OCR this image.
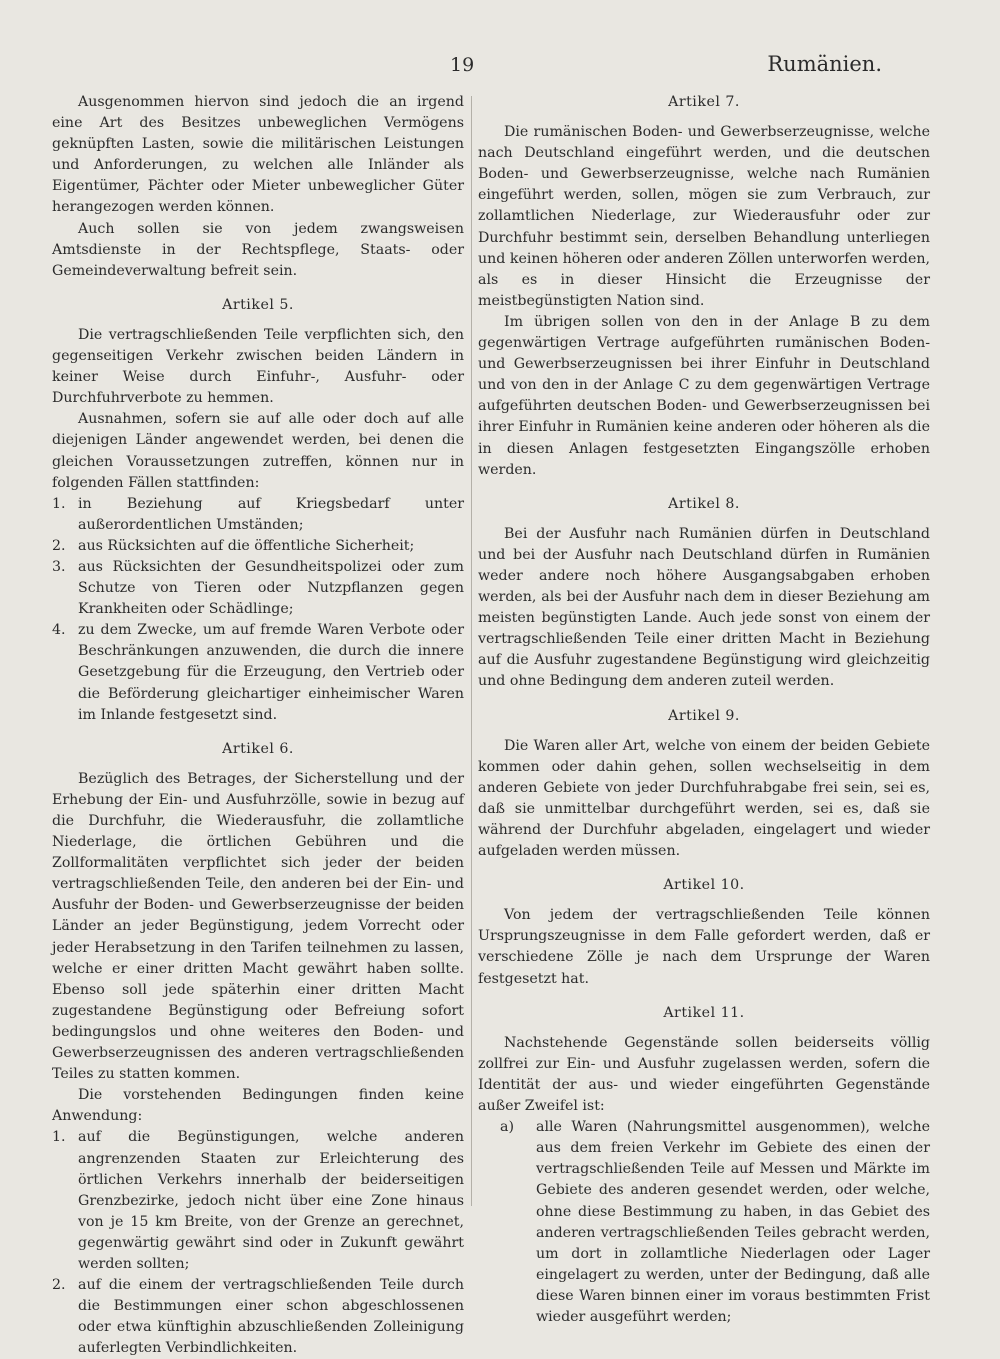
19	Rumänien.

Ausgenommen hiervon sind jedoch die an irgend eine Art des Besitzes unbeweglichen Vermögens geknüpften Lasten, sowie die militärischen Leistungen und Anforderungen, zu welchen alle Inländer als Eigentümer, Pächter oder Mieter unbeweglicher Güter herangezogen werden können.

Auch sollen sie von jedem zwangsweisen Amtsdienste in der Rechtspflege, Staats- oder Gemeindeverwaltung befreit sein.

Artikel 5.

Die vertragschließenden Teile verpflichten sich, den gegenseitigen Verkehr zwischen beiden Ländern in keiner Weise durch Einfuhr-, Ausfuhr- oder Durchfuhrverbote zu hemmen.

Ausnahmen, sofern sie auf alle oder doch auf alle diejenigen Länder angewendet werden, bei denen die gleichen Voraussetzungen zutreffen, können nur in folgenden Fällen stattfinden:

1. in Beziehung auf Kriegsbedarf unter außerordentlichen Umständen;
2. aus Rücksichten auf die öffentliche Sicherheit;
3. aus Rücksichten der Gesundheitspolizei oder zum Schutze von Tieren oder Nutzpflanzen gegen Krankheiten oder Schädlinge;
4. zu dem Zwecke, um auf fremde Waren Verbote oder Beschränkungen anzuwenden, die durch die innere Gesetzgebung für die Erzeugung, den Vertrieb oder die Beförderung gleichartiger einheimischer Waren im Inlande festgesetzt sind.
Artikel 6.

Bezüglich des Betrages, der Sicherstellung und der Erhebung der Ein- und Ausfuhrzölle, sowie in bezug auf die Durchfuhr, die Wiederausfuhr, die zollamtliche Niederlage, die örtlichen Gebühren und die Zollformalitäten verpflichtet sich jeder der beiden vertragschließenden Teile, den anderen bei der Ein- und Ausfuhr der Boden- und Gewerbserzeugnisse der beiden Länder an jeder Begünstigung, jedem Vorrecht oder jeder Herabsetzung in den Tarifen teilnehmen zu lassen, welche er einer dritten Macht gewährt haben sollte. Ebenso soll jede späterhin einer dritten Macht zugestandene Begünstigung oder Befreiung sofort bedingungslos und ohne weiteres den Boden- und Gewerbserzeugnissen des anderen vertragschließenden Teiles zu statten kommen.

Die vorstehenden Bedingungen finden keine Anwendung:

1. auf die Begünstigungen, welche anderen angrenzenden Staaten zur Erleichterung des örtlichen Verkehrs innerhalb der beiderseitigen Grenzbezirke, jedoch nicht über eine Zone hinaus von je 15 km Breite, von der Grenze an gerechnet, gegenwärtig gewährt sind oder in Zukunft gewährt werden sollten;
2. auf die einem der vertragschließenden Teile durch die Bestimmungen einer schon abgeschlossenen oder etwa künftighin abzuschließenden Zolleinigung auferlegten Verbindlichkeiten.
Artikel 7.

Die rumänischen Boden- und Gewerbserzeugnisse, welche nach Deutschland eingeführt werden, und die deutschen Boden- und Gewerbserzeugnisse, welche nach Rumänien eingeführt werden, sollen, mögen sie zum Verbrauch, zur zollamtlichen Niederlage, zur Wiederausfuhr oder zur Durchfuhr bestimmt sein, derselben Behandlung unterliegen und keinen höheren oder anderen Zöllen unterworfen werden, als es in dieser Hinsicht die Erzeugnisse der meistbegünstigten Nation sind.

Im übrigen sollen von den in der Anlage B zu dem gegenwärtigen Vertrage aufgeführten rumänischen Boden- und Gewerbserzeugnissen bei ihrer Einfuhr in Deutschland und von den in der Anlage C zu dem gegenwärtigen Vertrage aufgeführten deutschen Boden- und Gewerbserzeugnissen bei ihrer Einfuhr in Rumänien keine anderen oder höheren als die in diesen Anlagen festgesetzten Eingangszölle erhoben werden.

Artikel 8.

Bei der Ausfuhr nach Rumänien dürfen in Deutschland und bei der Ausfuhr nach Deutschland dürfen in Rumänien weder andere noch höhere Ausgangsabgaben erhoben werden, als bei der Ausfuhr nach dem in dieser Beziehung am meisten begünstigten Lande. Auch jede sonst von einem der vertragschließenden Teile einer dritten Macht in Beziehung auf die Ausfuhr zugestandene Begünstigung wird gleichzeitig und ohne Bedingung dem anderen zuteil werden.

Artikel 9.

Die Waren aller Art, welche von einem der beiden Gebiete kommen oder dahin gehen, sollen wechselseitig in dem anderen Gebiete von jeder Durchfuhrabgabe frei sein, sei es, daß sie unmittelbar durchgeführt werden, sei es, daß sie während der Durchfuhr abgeladen, eingelagert und wieder aufgeladen werden müssen.

Artikel 10.

Von jedem der vertragschließenden Teile können Ursprungszeugnisse in dem Falle gefordert werden, daß er verschiedene Zölle je nach dem Ursprunge der Waren festgesetzt hat.

Artikel 11.

Nachstehende Gegenstände sollen beiderseits völlig zollfrei zur Ein- und Ausfuhr zugelassen werden, sofern die Identität der aus- und wieder eingeführten Gegenstände außer Zweifel ist:

a) alle Waren (Nahrungsmittel ausgenommen), welche aus dem freien Verkehr im Gebiete des einen der vertragschließenden Teile auf Messen und Märkte im Gebiete des anderen gesendet werden, oder welche, ohne diese Bestimmung zu haben, in das Gebiet des anderen vertragschließenden Teiles gebracht werden, um dort in zollamtliche Niederlagen oder Lager eingelagert zu werden, unter der Bedingung, daß alle diese Waren binnen einer im voraus bestimmten Frist wieder ausgeführt werden;
